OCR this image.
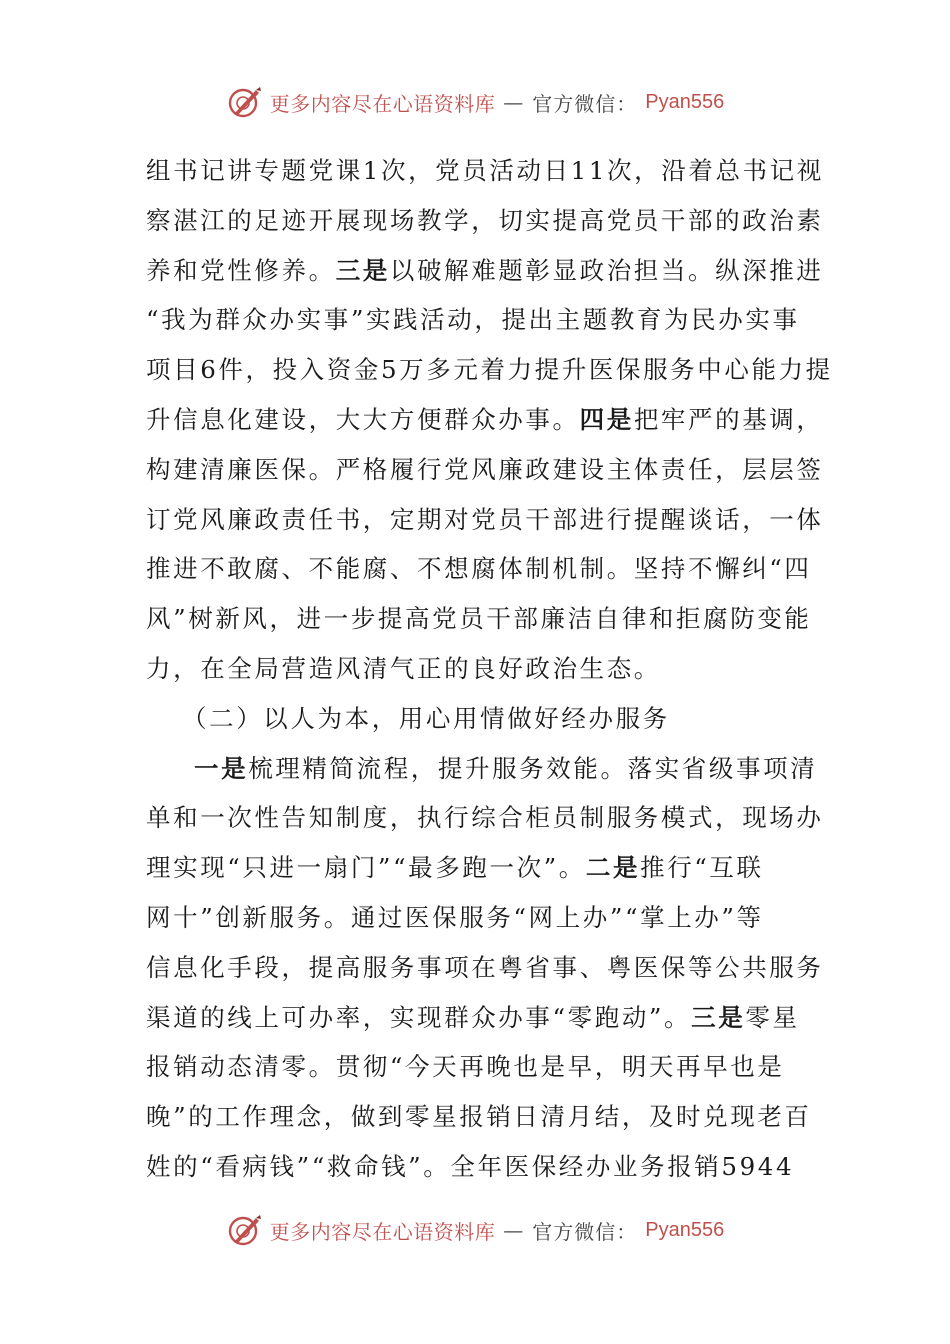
更多内容尽在心语资料库 — 官方微信： Pyan556
组书记讲专题党课1次，党员活动日11次，沿着总书记视
察湛江的足迹开展现场教学，切实提高党员干部的政治素
养和党性修养。三是以破解难题彰显政治担当。纵深推进
“我为群众办实事”实践活动，提出主题教育为民办实事
项目6件，投入资金5万多元着力提升医保服务中心能力提
升信息化建设，大大方便群众办事。四是把牢严的基调，
构建清廉医保。严格履行党风廉政建设主体责任，层层签
订党风廉政责任书，定期对党员干部进行提醒谈话，一体
推进不敢腐、不能腐、不想腐体制机制。坚持不懈纠“四
风”树新风，进一步提高党员干部廉洁自律和拒腐防变能
力，在全局营造风清气正的良好政治生态。
（二）以人为本，用心用情做好经办服务
一是梳理精简流程，提升服务效能。落实省级事项清
单和一次性告知制度，执行综合柜员制服务模式，现场办
理实现“只进一扇门”“最多跑一次”。二是推行“互联
网十”创新服务。通过医保服务“网上办”“掌上办”等
信息化手段，提高服务事项在粤省事、粤医保等公共服务
渠道的线上可办率，实现群众办事“零跑动”。三是零星
报销动态清零。贯彻“今天再晚也是早，明天再早也是
晚”的工作理念，做到零星报销日清月结，及时兑现老百
姓的“看病钱”“救命钱”。全年医保经办业务报销5944
更多内容尽在心语资料库 — 官方微信： Pyan556
